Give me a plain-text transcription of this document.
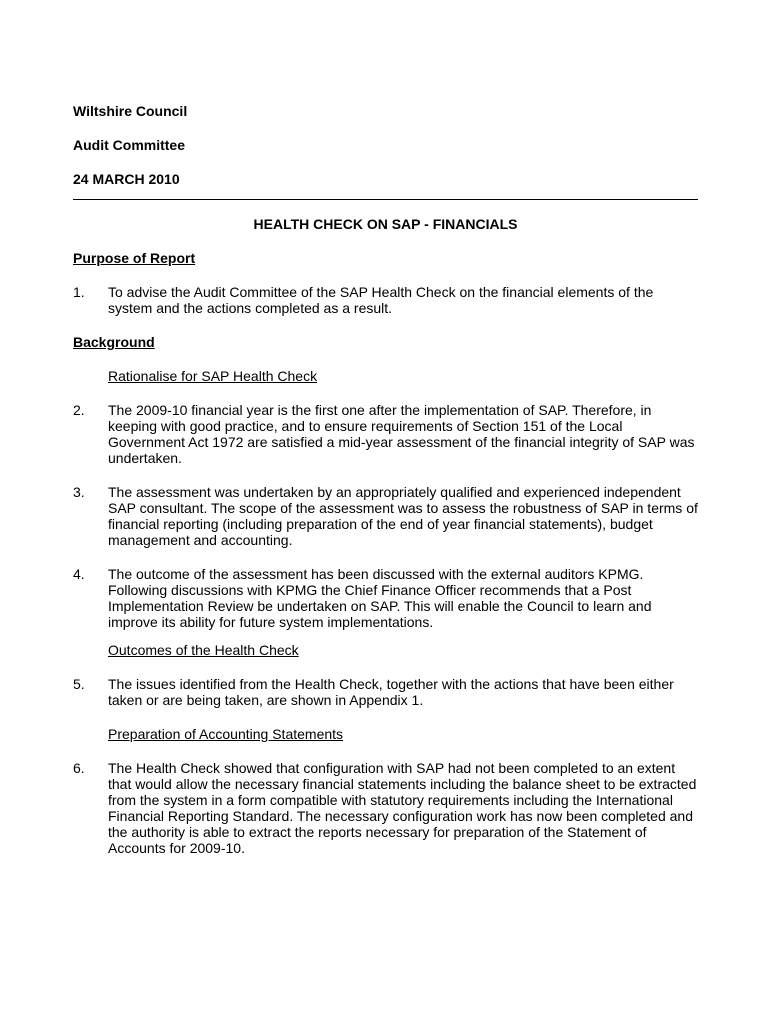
Wiltshire Council
Audit Committee
24 MARCH 2010
HEALTH CHECK ON SAP - FINANCIALS
Purpose of Report
1.	To advise the Audit Committee of the SAP Health Check on the financial elements of the system and the actions completed as a result.
Background
Rationalise for SAP Health Check
2.	The 2009-10 financial year is the first one after the implementation of SAP. Therefore, in keeping with good practice, and to ensure requirements of Section 151 of the Local Government Act 1972 are satisfied a mid-year assessment of the financial integrity of SAP was undertaken.
3.	The assessment was undertaken by an appropriately qualified and experienced independent SAP consultant. The scope of the assessment was to assess the robustness of SAP in terms of financial reporting (including preparation of the end of year financial statements), budget management and accounting.
4.	The outcome of the assessment has been discussed with the external auditors KPMG. Following discussions with KPMG the Chief Finance Officer recommends that a Post Implementation Review be undertaken on SAP. This will enable the Council to learn and improve its ability for future system implementations.
Outcomes of the Health Check
5.	The issues identified from the Health Check, together with the actions that have been either taken or are being taken, are shown in Appendix 1.
Preparation of Accounting Statements
6.	The Health Check showed that configuration with SAP had not been completed to an extent that would allow the necessary financial statements including the balance sheet to be extracted from the system in a form compatible with statutory requirements including the International Financial Reporting Standard. The necessary configuration work has now been completed and the authority is able to extract the reports necessary for preparation of the Statement of Accounts for 2009-10.
